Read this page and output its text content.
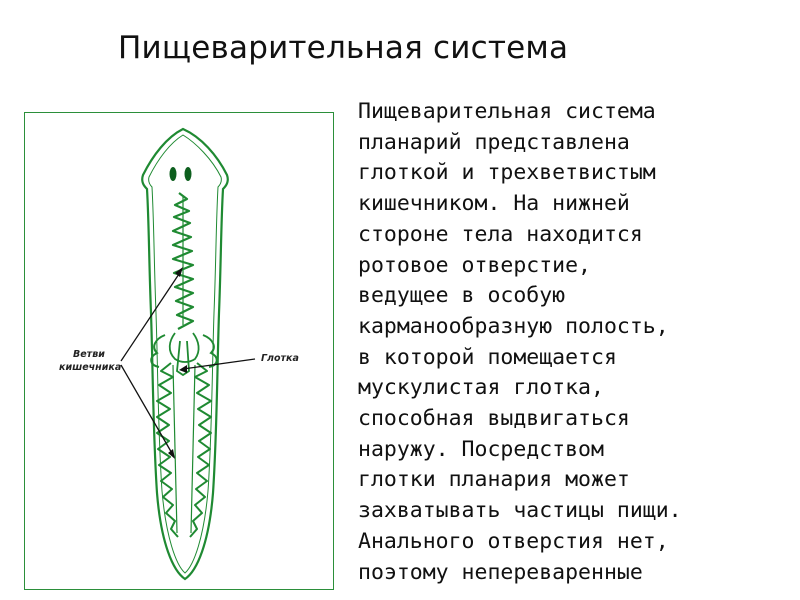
Пищеварительная система
Ветви
кишечника
Глотка
Пищеварительная система
планарий представлена
глоткой и трехветвистым
кишечником. На нижней
стороне тела находится
ротовое отверстие,
ведущее в особую
карманообразную полость,
в которой помещается
мускулистая глотка,
способная выдвигаться
наружу. Посредством
глотки планария может
захватывать частицы пищи.
Анального отверстия нет,
поэтому непереваренные
